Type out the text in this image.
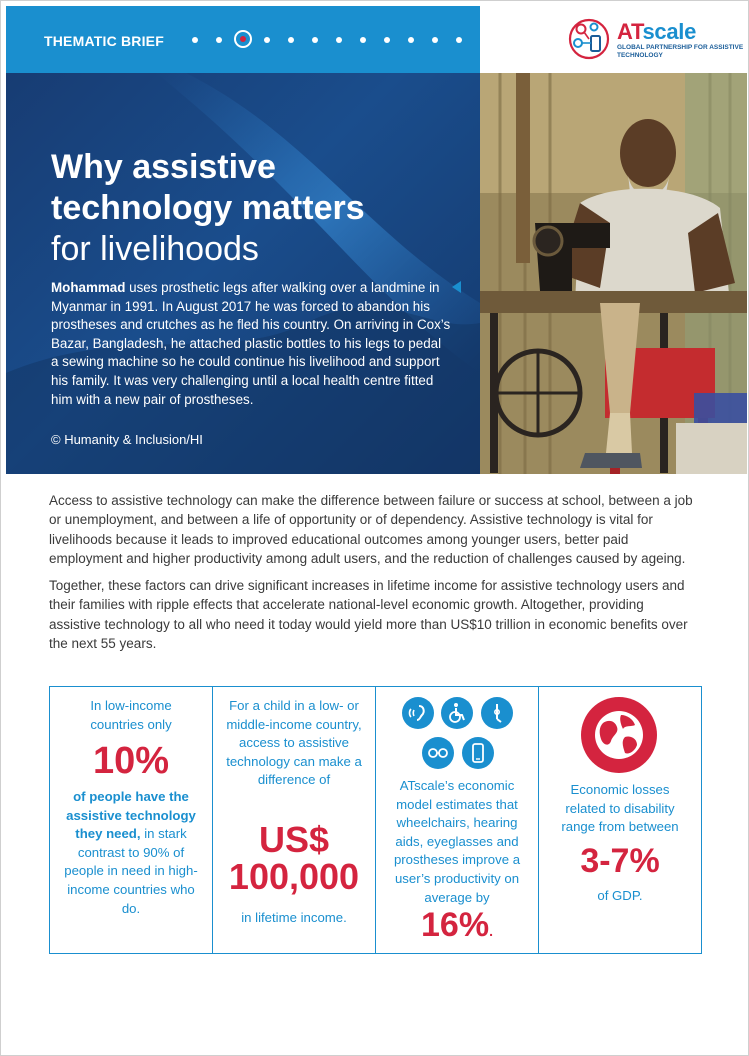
THEMATIC BRIEF	ATscale
GLOBAL PARTNERSHIP FOR ASSISTIVE TECHNOLOGY
Why assistive
technology matters
for livelihoods
Mohammad uses prosthetic legs after walking over a landmine in Myanmar in 1991. In August 2017 he was forced to abandon his prostheses and crutches as he fled his country. On arriving in Cox’s Bazar, Bangladesh, he attached plastic bottles to his legs to pedal a sewing machine so he could continue his livelihood and support his family. It was very challenging until a local health centre fitted him with a new pair of prostheses.
© Humanity & Inclusion/HI

Access to assistive technology can make the difference between failure or success at school, between a job or unemployment, and between a life of opportunity or of dependency. Assistive technology is vital for livelihoods because it leads to improved educational outcomes among younger users, better paid employment and higher productivity among adult users, and the reduction of challenges caused by ageing.

Together, these factors can drive significant increases in lifetime income for assistive technology users and their families with ripple effects that accelerate national-level economic growth. Altogether, providing assistive technology to all who need it today would yield more than US$10 trillion in economic benefits over the next 55 years.

In low-income countries only
10%
of people have the assistive technology they need, in stark contrast to 90% of people in need in high-income countries who do.
For a child in a low- or middle-income country, access to assistive technology can make a difference of
US$
100,000
in lifetime income.
ATscale’s economic model estimates that wheelchairs, hearing aids, eyeglasses and prostheses improve a user’s productivity on average by
16%.
Economic losses related to disability range from between
3-7%
of GDP.
